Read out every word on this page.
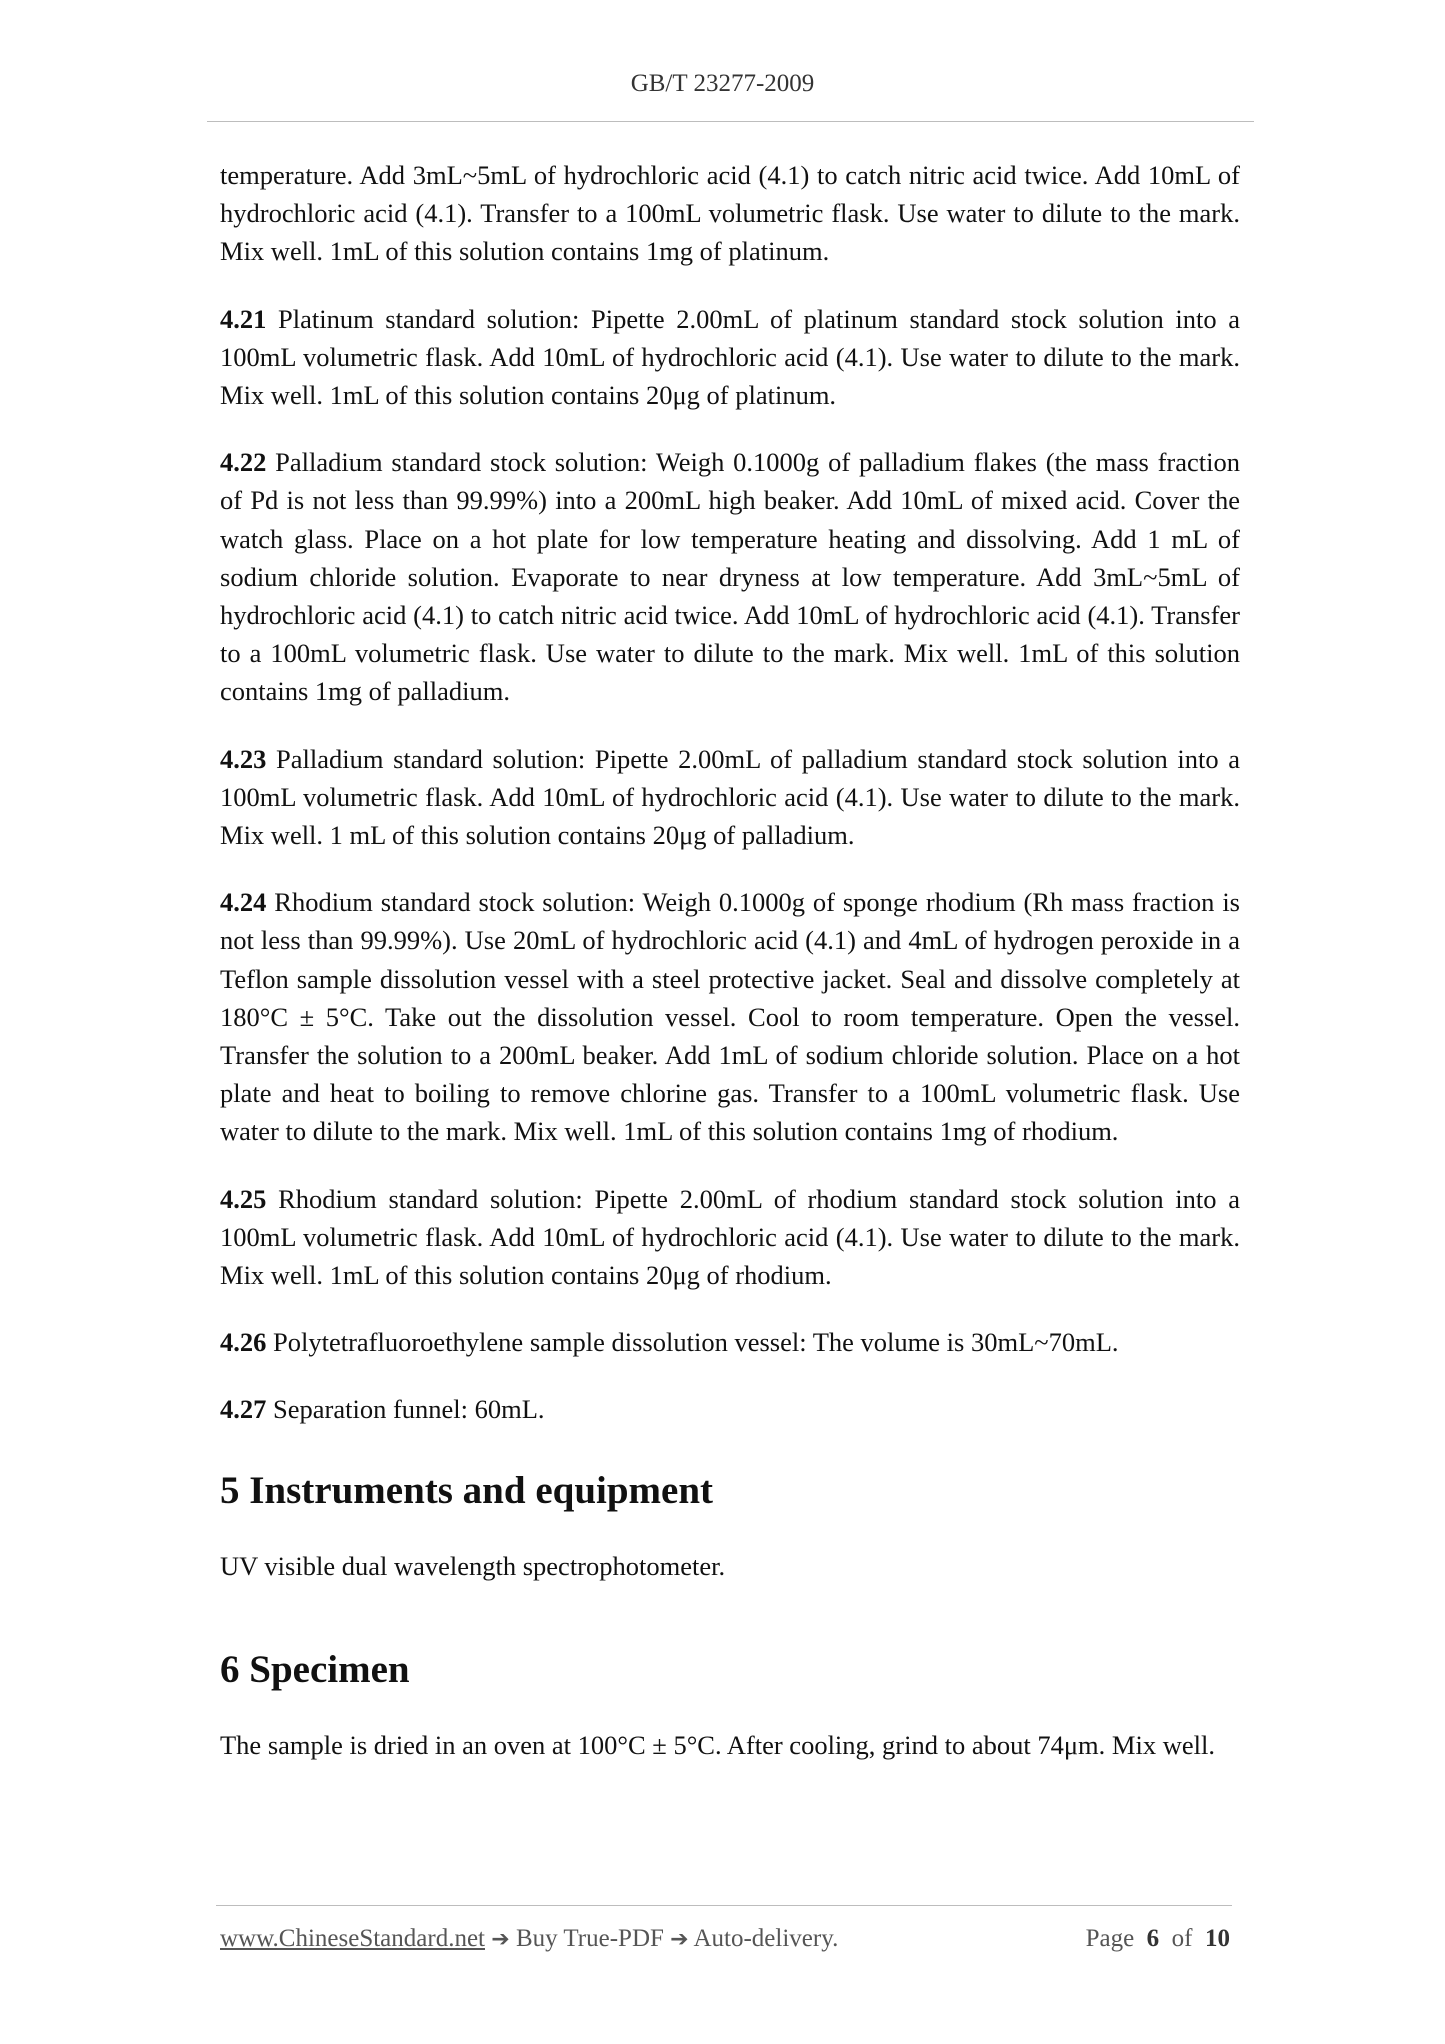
GB/T 23277-2009

temperature. Add 3mL~5mL of hydrochloric acid (4.1) to catch nitric acid twice. Add 10mL of hydrochloric acid (4.1). Transfer to a 100mL volumetric flask. Use water to dilute to the mark. Mix well. 1mL of this solution contains 1mg of platinum.

4.21 Platinum standard solution: Pipette 2.00mL of platinum standard stock solution into a 100mL volumetric flask. Add 10mL of hydrochloric acid (4.1). Use water to dilute to the mark. Mix well. 1mL of this solution contains 20μg of platinum.

4.22 Palladium standard stock solution: Weigh 0.1000g of palladium flakes (the mass fraction of Pd is not less than 99.99%) into a 200mL high beaker. Add 10mL of mixed acid. Cover the watch glass. Place on a hot plate for low temperature heating and dissolving. Add 1 mL of sodium chloride solution. Evaporate to near dryness at low temperature. Add 3mL~5mL of hydrochloric acid (4.1) to catch nitric acid twice. Add 10mL of hydrochloric acid (4.1). Transfer to a 100mL volumetric flask. Use water to dilute to the mark. Mix well. 1mL of this solution contains 1mg of palladium.

4.23 Palladium standard solution: Pipette 2.00mL of palladium standard stock solution into a 100mL volumetric flask. Add 10mL of hydrochloric acid (4.1). Use water to dilute to the mark. Mix well. 1 mL of this solution contains 20μg of palladium.

4.24 Rhodium standard stock solution: Weigh 0.1000g of sponge rhodium (Rh mass fraction is not less than 99.99%). Use 20mL of hydrochloric acid (4.1) and 4mL of hydrogen peroxide in a Teflon sample dissolution vessel with a steel protective jacket. Seal and dissolve completely at 180°C ± 5°C. Take out the dissolution vessel. Cool to room temperature. Open the vessel. Transfer the solution to a 200mL beaker. Add 1mL of sodium chloride solution. Place on a hot plate and heat to boiling to remove chlorine gas. Transfer to a 100mL volumetric flask. Use water to dilute to the mark. Mix well. 1mL of this solution contains 1mg of rhodium.

4.25 Rhodium standard solution: Pipette 2.00mL of rhodium standard stock solution into a 100mL volumetric flask. Add 10mL of hydrochloric acid (4.1). Use water to dilute to the mark. Mix well. 1mL of this solution contains 20μg of rhodium.

4.26 Polytetrafluoroethylene sample dissolution vessel: The volume is 30mL~70mL.

4.27 Separation funnel: 60mL.

5 Instruments and equipment

UV visible dual wavelength spectrophotometer.

6 Specimen

The sample is dried in an oven at 100°C ± 5°C. After cooling, grind to about 74μm. Mix well.

www.ChineseStandard.net ➔ Buy True-PDF ➔ Auto-delivery.	Page 6 of 10
